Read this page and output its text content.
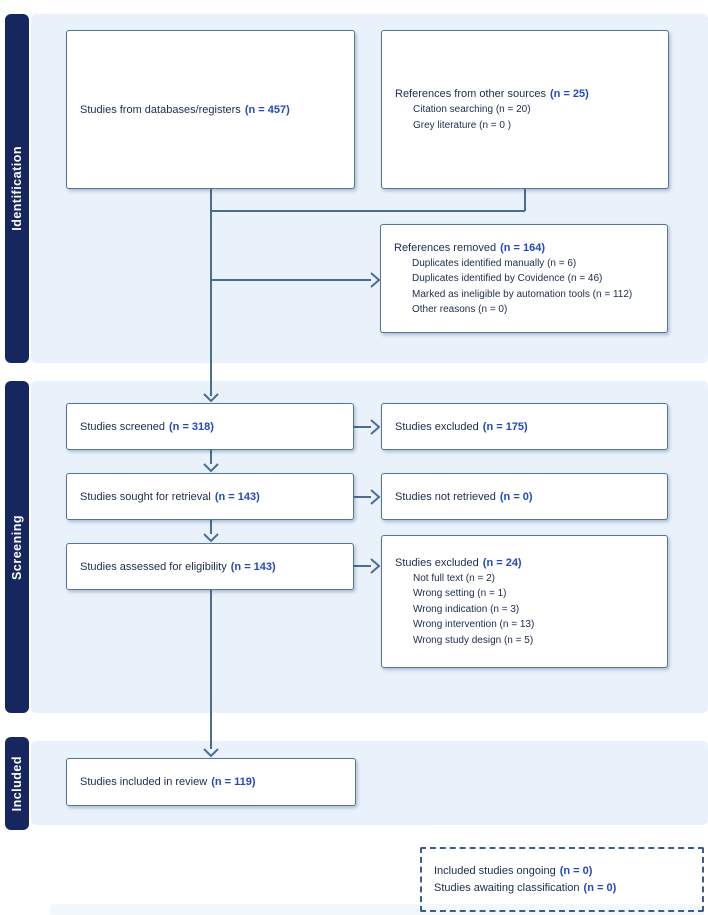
Identification
Screening
Included
Studies from databases/registers (n = 457)
References from other sources (n = 25)
Citation searching (n = 20)
Grey literature (n = 0 )
References removed (n = 164)
Duplicates identified manually (n = 6)
Duplicates identified by Covidence (n = 46)
Marked as ineligible by automation tools (n = 112)
Other reasons (n = 0)
Studies screened (n = 318)	Studies excluded (n = 175)
Studies sought for retrieval (n = 143)	Studies not retrieved (n = 0)
Studies assessed for eligibility (n = 143)	Studies excluded (n = 24)
Not full text (n = 2)
Wrong setting (n = 1)
Wrong indication (n = 3)
Wrong intervention (n = 13)
Wrong study design (n = 5)
Studies included in review (n = 119)
Included studies ongoing (n = 0)
Studies awaiting classification (n = 0)
